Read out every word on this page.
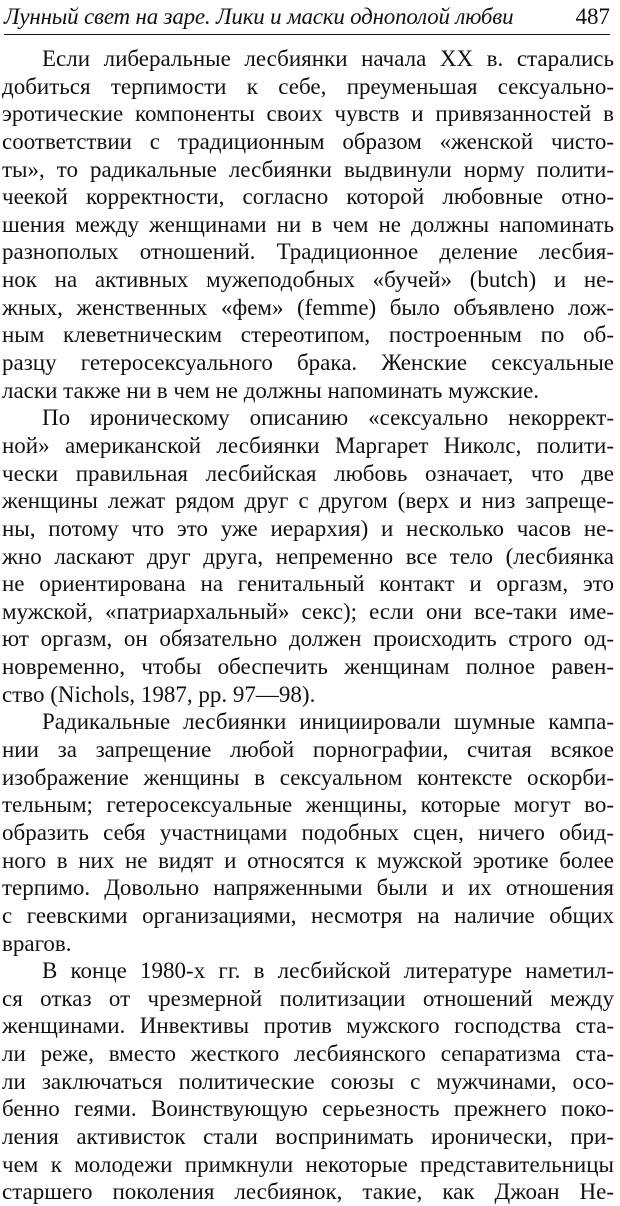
Лунный свет на заре. Лики и маски однополой любви	487
Если либеральные лесбиянки начала XX в. старались
добиться терпимости к себе, преуменьшая сексуально-
эротические компоненты своих чувств и привязанностей в
соответствии с традиционным образом «женской чисто-
ты», то радикальные лесбиянки выдвинули норму полити-
чеекой корректности, согласно которой любовные отно-
шения между женщинами ни в чем не должны напоминать
разнополых отношений. Традиционное деление лесбия-
нок на активных мужеподобных «бучей» (butch) и не-
жных, женственных «фем» (femme) было объявлено лож-
ным клеветническим стереотипом, построенным по об-
разцу гетеросексуального брака. Женские сексуальные
ласки также ни в чем не должны напоминать мужские.
По ироническому описанию «сексуально некоррект-
ной» американской лесбиянки Маргарет Николс, полити-
чески правильная лесбийская любовь означает, что две
женщины лежат рядом друг с другом (верх и низ запреще-
ны, потому что это уже иерархия) и несколько часов не-
жно ласкают друг друга, непременно все тело (лесбиянка
не ориентирована на генитальный контакт и оргазм, это
мужской, «патриархальный» секс); если они все-таки име-
ют оргазм, он обязательно должен происходить строго од-
новременно, чтобы обеспечить женщинам полное равен-
ство (Nichols, 1987, pp. 97—98).
Радикальные лесбиянки инициировали шумные кампа-
нии за запрещение любой порнографии, считая всякое
изображение женщины в сексуальном контексте оскорби-
тельным; гетеросексуальные женщины, которые могут во-
образить себя участницами подобных сцен, ничего обид-
ного в них не видят и относятся к мужской эротике более
терпимо. Довольно напряженными были и их отношения
с геевскими организациями, несмотря на наличие общих
врагов.
В конце 1980-х гг. в лесбийской литературе наметил-
ся отказ от чрезмерной политизации отношений между
женщинами. Инвективы против мужского господства ста-
ли реже, вместо жесткого лесбиянского сепаратизма ста-
ли заключаться политические союзы с мужчинами, осо-
бенно геями. Воинствующую серьезность прежнего поко-
ления активисток стали воспринимать иронически, при-
чем к молодежи примкнули некоторые представительницы
старшего поколения лесбиянок, такие, как Джоан Не-
